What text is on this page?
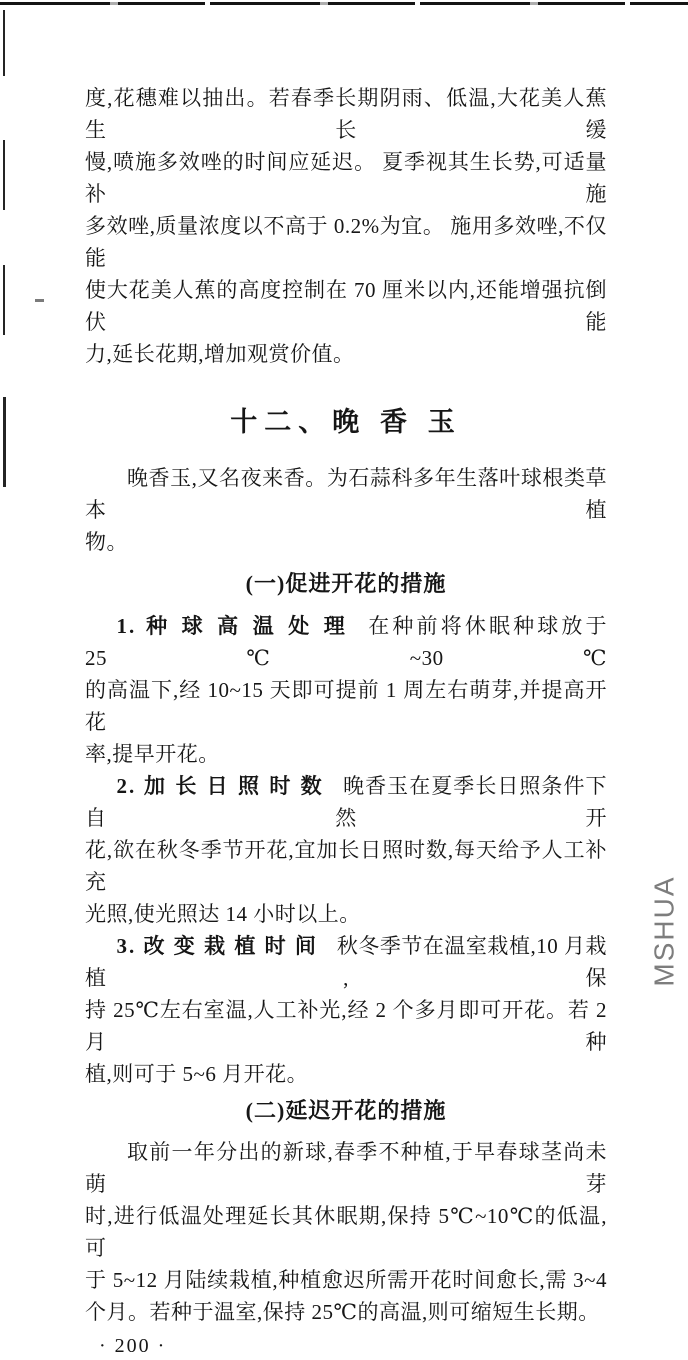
度,花穗难以抽出。若春季长期阴雨、低温,大花美人蕉生长缓
慢,喷施多效唑的时间应延迟。 夏季视其生长势,可适量补施
多效唑,质量浓度以不高于 0.2%为宜。 施用多效唑,不仅能
使大花美人蕉的高度控制在 70 厘米以内,还能增强抗倒伏能
力,延长花期,增加观赏价值。
十二、晚 香 玉
晚香玉,又名夜来香。为石蒜科多年生落叶球根类草本植
物。
(一)促进开花的措施
1. 种 球 高 温 处 理 在种前将休眠种球放于 25℃~30℃
的高温下,经 10~15 天即可提前 1 周左右萌芽,并提高开花
率,提早开花。
2. 加 长 日 照 时 数 晚香玉在夏季长日照条件下自然开
花,欲在秋冬季节开花,宜加长日照时数,每天给予人工补充
光照,使光照达 14 小时以上。
3. 改 变 栽 植 时 间 秋冬季节在温室栽植,10 月栽植,保
持 25℃左右室温,人工补光,经 2 个多月即可开花。若 2 月种
植,则可于 5~6 月开花。
(二)延迟开花的措施
取前一年分出的新球,春季不种植,于早春球茎尚未萌芽
时,进行低温处理延长其休眠期,保持 5℃~10℃的低温,可
于 5~12 月陆续栽植,种植愈迟所需开花时间愈长,需 3~4
个月。若种于温室,保持 25℃的高温,则可缩短生长期。
· 200 ·
MSHUA
